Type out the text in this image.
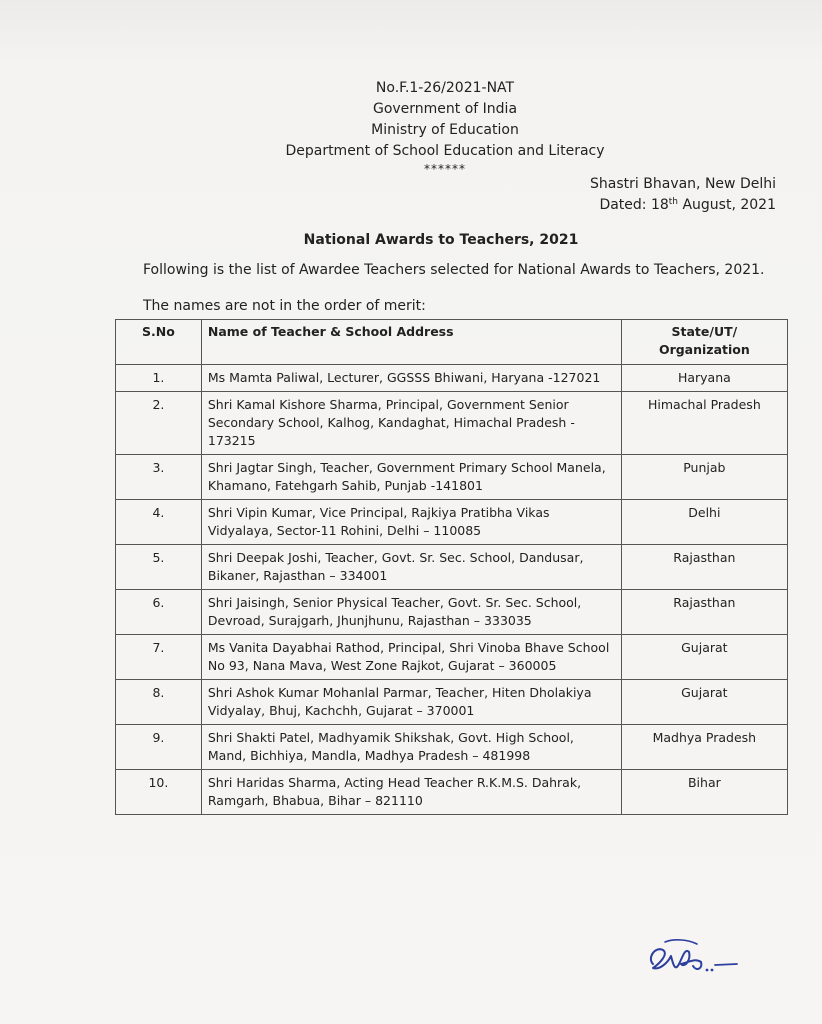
No.F.1-26/2021-NAT
Government of India
Ministry of Education
Department of School Education and Literacy
******
Shastri Bhavan, New Delhi
Dated: 18th August, 2021
National Awards to Teachers, 2021
Following is the list of Awardee Teachers selected for National Awards to Teachers, 2021.
The names are not in the order of merit:
S.No	Name of Teacher & School Address	State/UT/
Organization
1.	Ms Mamta Paliwal, Lecturer, GGSSS Bhiwani, Haryana -127021	Haryana
2.	Shri Kamal Kishore Sharma, Principal, Government Senior Secondary School, Kalhog, Kandaghat, Himachal Pradesh - 173215	Himachal Pradesh
3.	Shri Jagtar Singh, Teacher, Government Primary School Manela, Khamano, Fatehgarh Sahib, Punjab -141801	Punjab
4.	Shri Vipin Kumar, Vice Principal, Rajkiya Pratibha Vikas Vidyalaya, Sector-11 Rohini, Delhi – 110085	Delhi
5.	Shri Deepak Joshi, Teacher, Govt. Sr. Sec. School, Dandusar, Bikaner, Rajasthan – 334001	Rajasthan
6.	Shri Jaisingh, Senior Physical Teacher, Govt. Sr. Sec. School, Devroad, Surajgarh, Jhunjhunu, Rajasthan – 333035	Rajasthan
7.	Ms Vanita Dayabhai Rathod, Principal, Shri Vinoba Bhave School No 93, Nana Mava, West Zone Rajkot, Gujarat – 360005	Gujarat
8.	Shri Ashok Kumar Mohanlal Parmar, Teacher, Hiten Dholakiya Vidyalay, Bhuj, Kachchh, Gujarat – 370001	Gujarat
9.	Shri Shakti Patel, Madhyamik Shikshak, Govt. High School, Mand, Bichhiya, Mandla, Madhya Pradesh – 481998	Madhya Pradesh
10.	Shri Haridas Sharma, Acting Head Teacher R.K.M.S. Dahrak, Ramgarh, Bhabua, Bihar – 821110	Bihar
